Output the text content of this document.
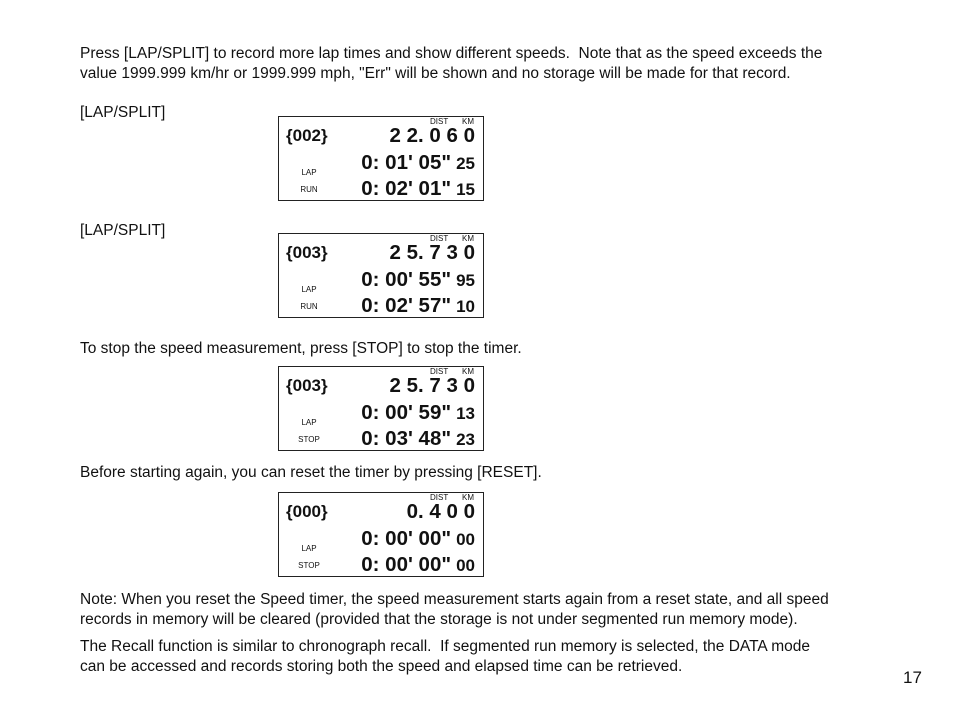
Press [LAP/SPLIT] to record more lap times and show different speeds.  Note that as the speed exceeds the
value 1999.999 km/hr or 1999.999 mph, "Err" will be shown and no storage will be made for that record.
[LAP/SPLIT]
DIST KM
{002}	2 2. 0 6 0
0: 01' 05" 25
LAP
0: 02' 01" 15
RUN
[LAP/SPLIT]	DIST KM
{003}	2 5. 7 3 0
0: 00' 55" 95
LAP
0: 02' 57" 10
RUN
To stop the speed measurement, press [STOP] to stop the timer.
DIST KM
{003}	2 5. 7 3 0
0: 00' 59" 13
LAP
0: 03' 48" 23
STOP
Before starting again, you can reset the timer by pressing [RESET].
DIST KM
{000}	0. 4 0 0
0: 00' 00" 00
LAP
0: 00' 00" 00
STOP
Note: When you reset the Speed timer, the speed measurement starts again from a reset state, and all speed
records in memory will be cleared (provided that the storage is not under segmented run memory mode).
The Recall function is similar to chronograph recall.  If segmented run memory is selected, the DATA mode
can be accessed and records storing both the speed and elapsed time can be retrieved.
17
